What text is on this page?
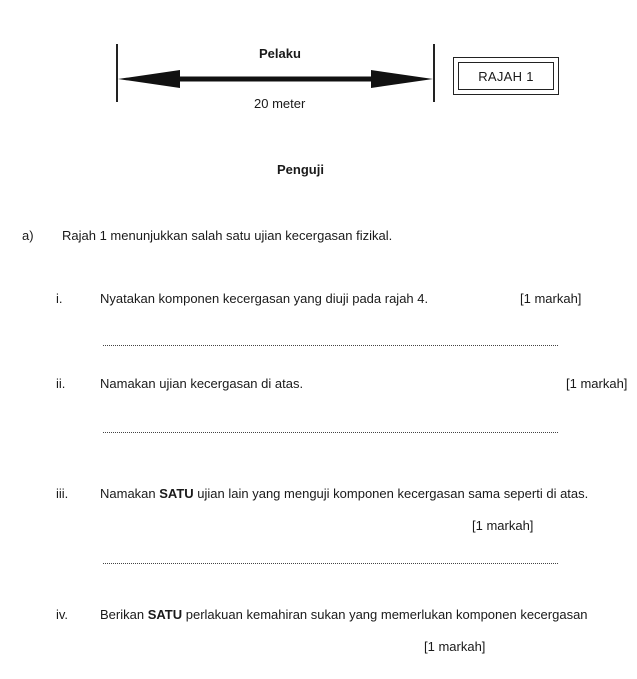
Pelaku
20 meter
RAJAH 1
Penguji
a) Rajah 1 menunjukkan salah satu ujian kecergasan fizikal.
i.	Nyatakan komponen kecergasan yang diuji pada rajah 4.	[1 markah]
ii.	Namakan ujian kecergasan di atas.	[1 markah]
iii. Namakan SATU ujian lain yang menguji komponen kecergasan sama seperti di atas.
[1 markah]
iv. Berikan SATU perlakuan kemahiran sukan yang memerlukan komponen kecergasan
[1 markah]
